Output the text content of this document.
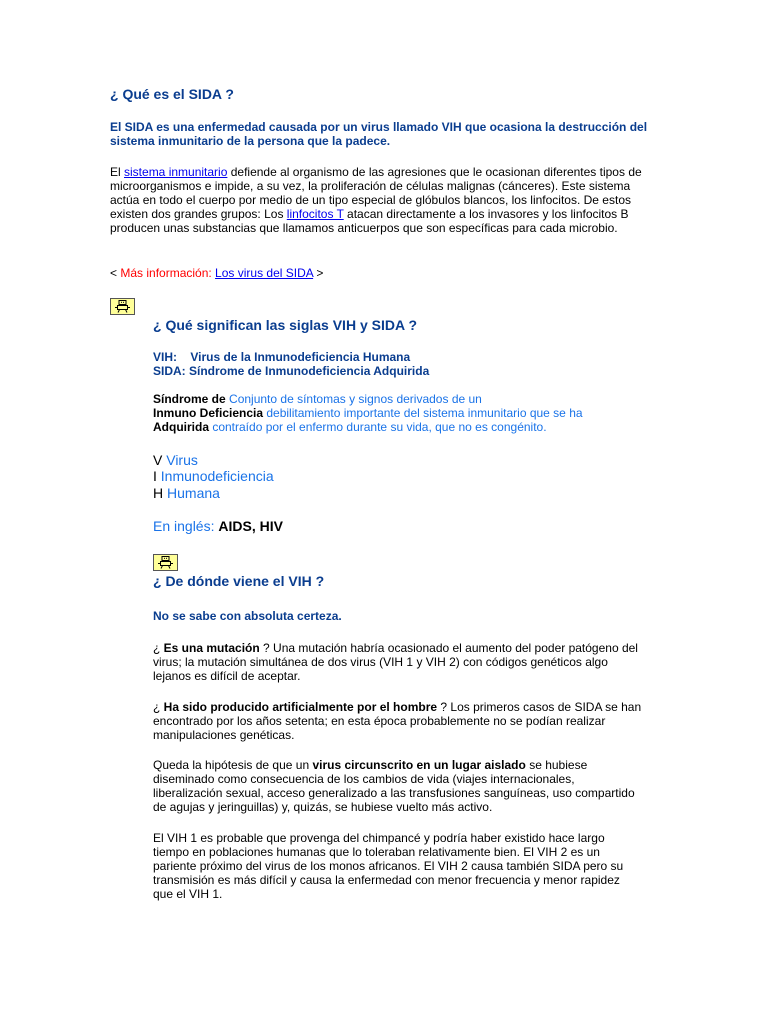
¿ Qué es el SIDA ?

El SIDA es una enfermedad causada por un virus llamado VIH que ocasiona la destrucción del sistema inmunitario de la persona que la padece.

El sistema inmunitario defiende al organismo de las agresiones que le ocasionan diferentes tipos de microorganismos e impide, a su vez, la proliferación de células malignas (cánceres). Este sistema actúa en todo el cuerpo por medio de un tipo especial de glóbulos blancos, los linfocitos. De estos existen dos grandes grupos: Los linfocitos T atacan directamente a los invasores y los linfocitos B producen unas substancias que llamamos anticuerpos que son específicas para cada microbio.

< Más información: Los virus del SIDA >

¿ Qué significan las siglas VIH y SIDA ?

VIH:    Virus de la Inmunodeficiencia Humana

SIDA: Síndrome de Inmunodeficiencia Adquirida

Síndrome de Conjunto de síntomas y signos derivados de un

Inmuno Deficiencia debilitamiento importante del sistema inmunitario que se ha

Adquirida contraído por el enfermo durante su vida, que no es congénito.

V Virus

I Inmunodeficiencia

H Humana

En inglés: AIDS, HIV

¿ De dónde viene el VIH ?

No se sabe con absoluta certeza.

¿ Es una mutación ? Una mutación habría ocasionado el aumento del poder patógeno del virus; la mutación simultánea de dos virus (VIH 1 y VIH 2) con códigos genéticos algo lejanos es difícil de aceptar.

¿ Ha sido producido artificialmente por el hombre ? Los primeros casos de SIDA se han encontrado por los años setenta; en esta época probablemente no se podían realizar manipulaciones genéticas.

Queda la hipótesis de que un virus circunscrito en un lugar aislado se hubiese diseminado como consecuencia de los cambios de vida (viajes internacionales, liberalización sexual, acceso generalizado a las transfusiones sanguíneas, uso compartido de agujas y jeringuillas) y, quizás, se hubiese vuelto más activo.

El VIH 1 es probable que provenga del chimpancé y podría haber existido hace largo tiempo en poblaciones humanas que lo toleraban relativamente bien. El VIH 2 es un pariente próximo del virus de los monos africanos. El VIH 2 causa también SIDA pero su transmisión es más difícil y causa la enfermedad con menor frecuencia y menor rapidez que el VIH 1.
